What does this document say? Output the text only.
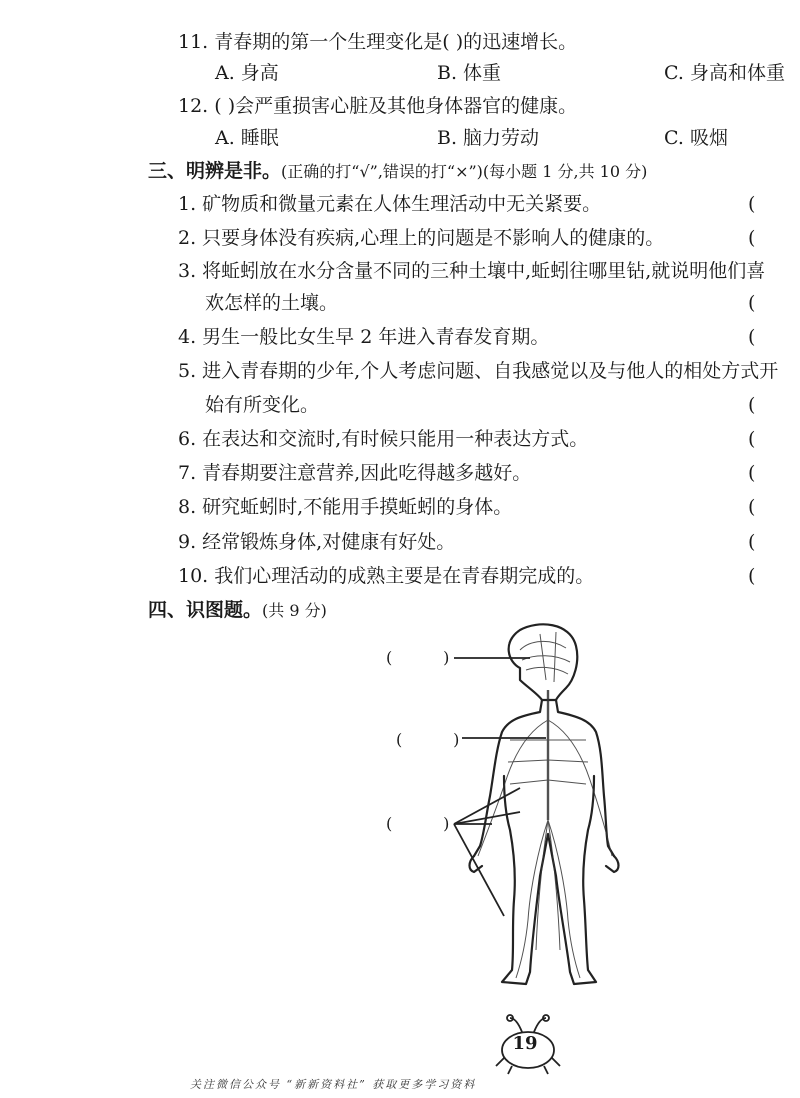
11. 青春期的第一个生理变化是( )的迅速增长。
A. 身高	B. 体重	C. 身高和体重
12. ( )会严重损害心脏及其他身体器官的健康。
A. 睡眠	B. 脑力劳动	C. 吸烟
三、明辨是非。(正确的打“√”,错误的打“×”)(每小题 1 分,共 10 分)
1. 矿物质和微量元素在人体生理活动中无关紧要。	(
2. 只要身体没有疾病,心理上的问题是不影响人的健康的。	(
3. 将蚯蚓放在水分含量不同的三种土壤中,蚯蚓往哪里钻,就说明他们喜
欢怎样的土壤。	(
4. 男生一般比女生早 2 年进入青春发育期。	(
5. 进入青春期的少年,个人考虑问题、自我感觉以及与他人的相处方式开
始有所变化。	(
6. 在表达和交流时,有时候只能用一种表达方式。	(
7. 青春期要注意营养,因此吃得越多越好。	(
8. 研究蚯蚓时,不能用手摸蚯蚓的身体。	(
9. 经常锻炼身体,对健康有好处。	(
10. 我们心理活动的成熟主要是在青春期完成的。	(
四、识图题。(共 9 分)
(          )
(          )
(          )
19
关注微信公众号 “新新资料社” 获取更多学习资料
